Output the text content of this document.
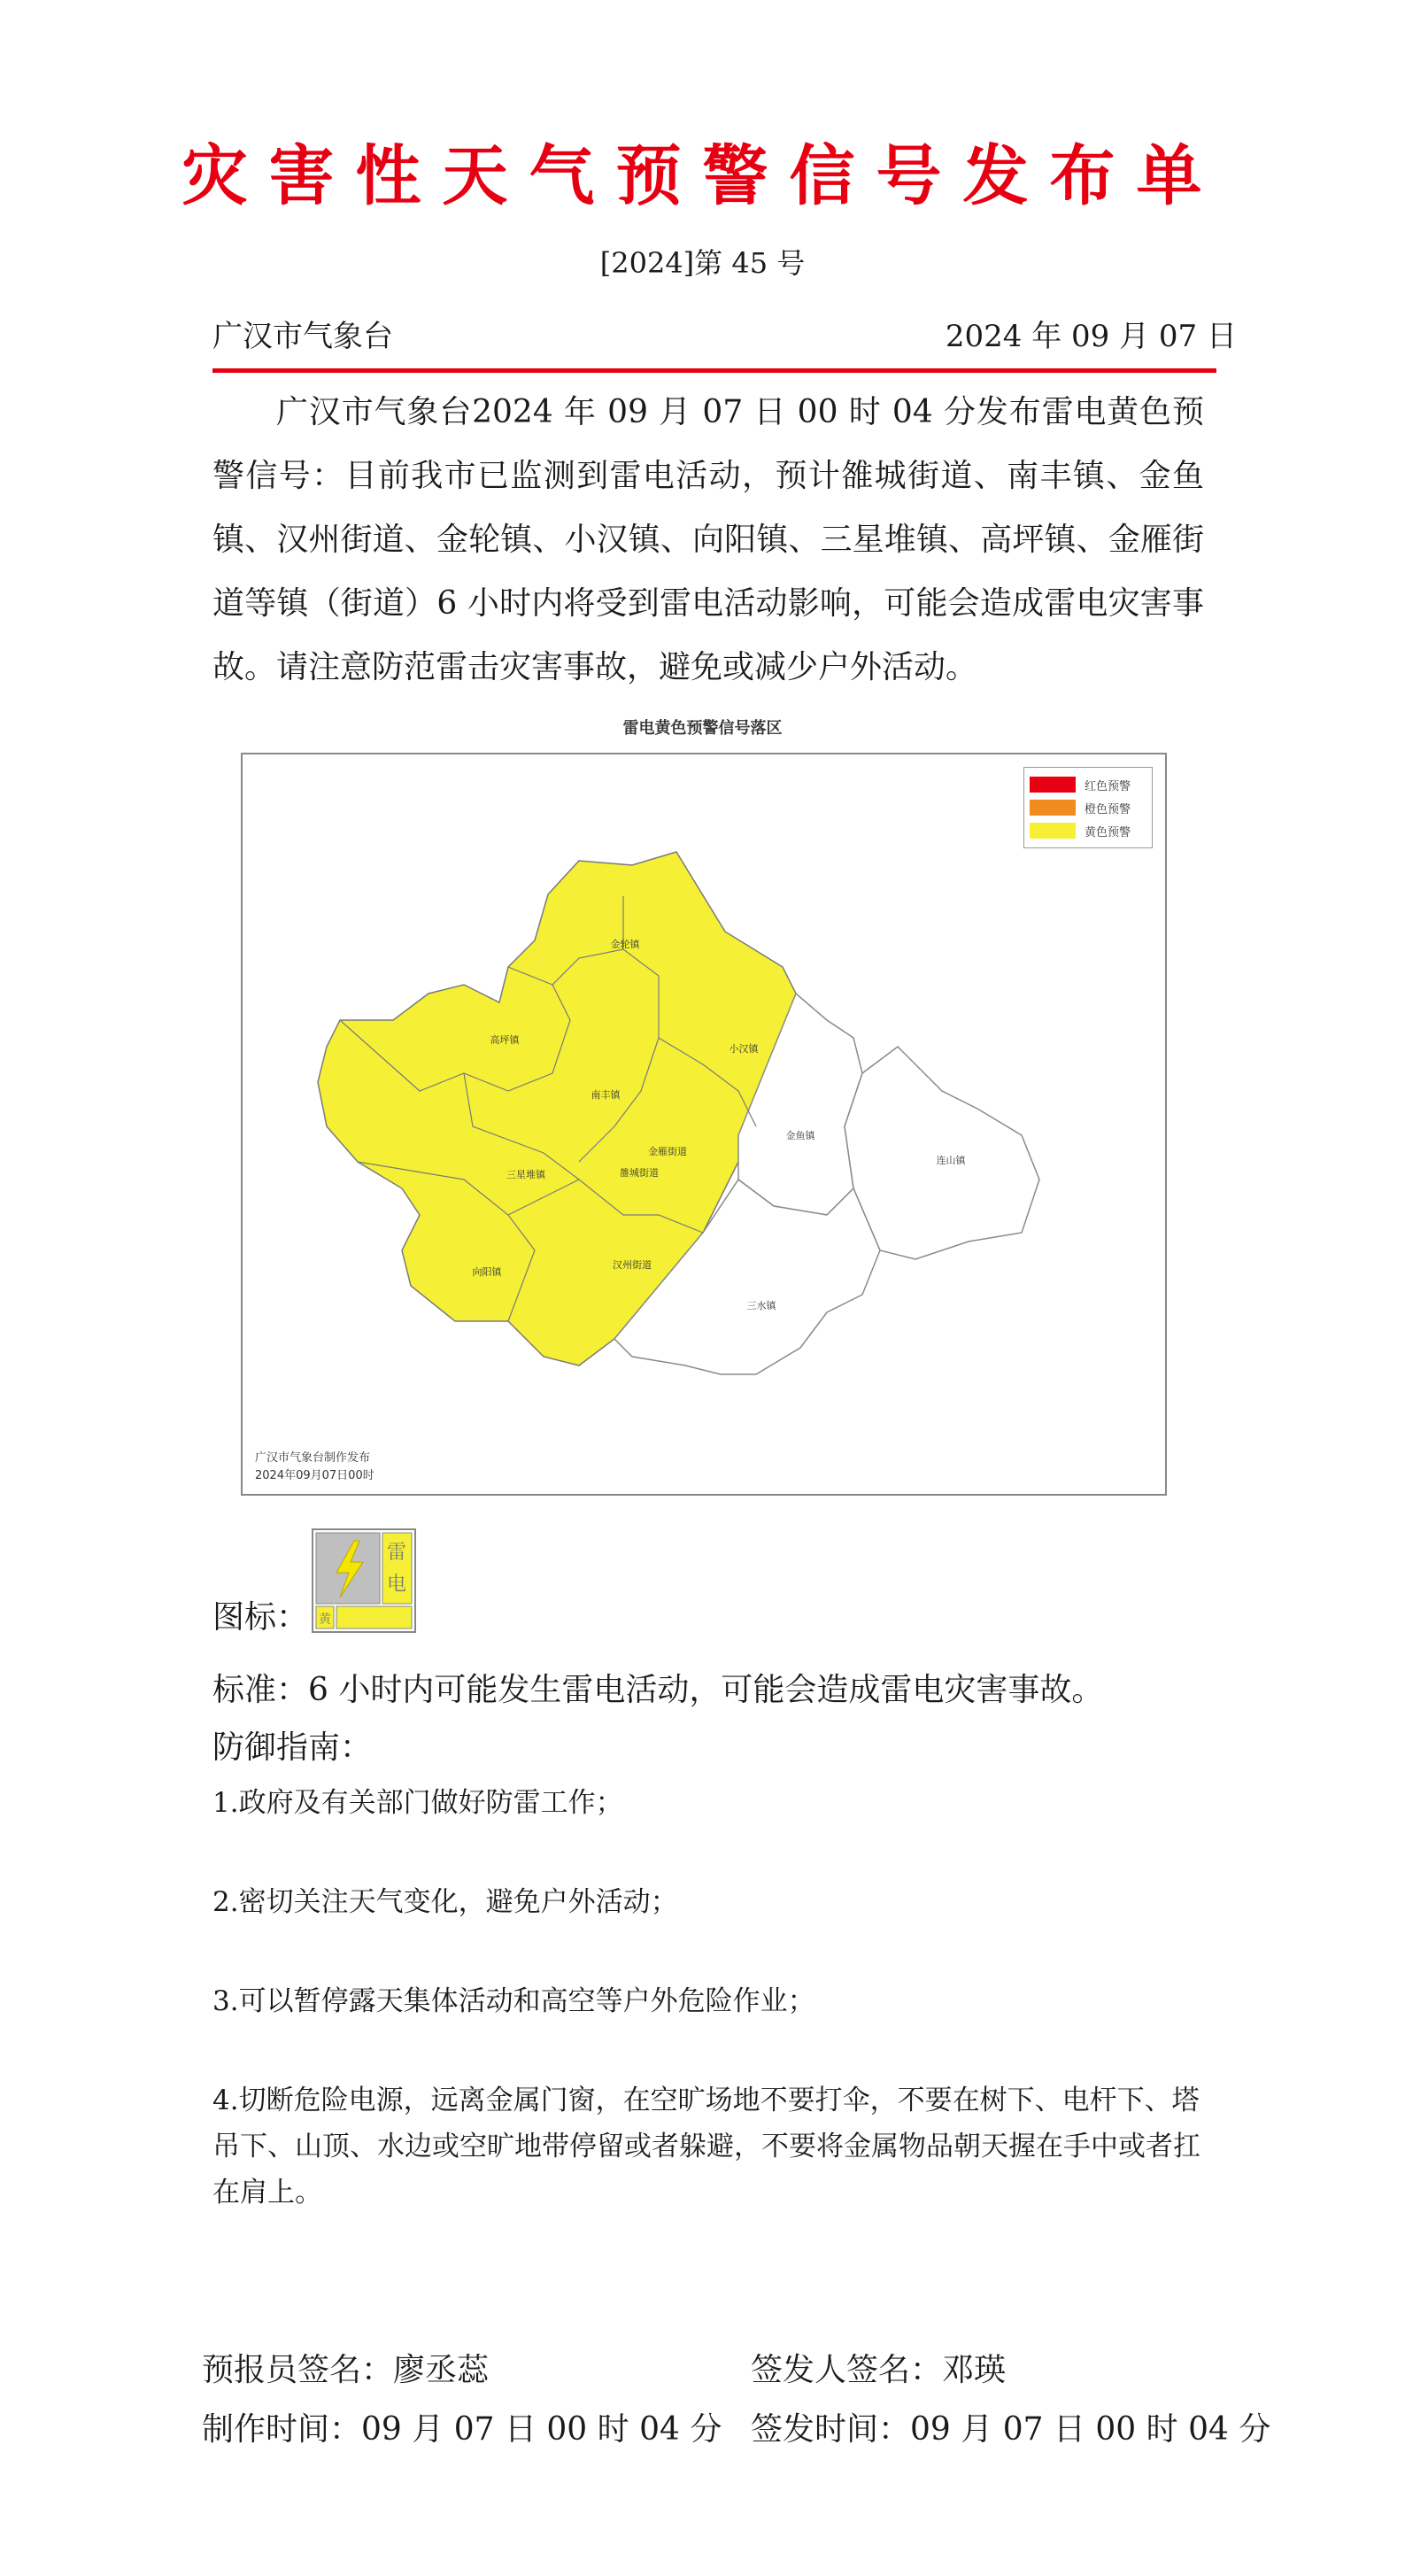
灾害性天气预警信号发布单
[2024]第 45 号
广汉市气象台	2024 年 09 月 07 日
广汉市气象台2024 年 09 月 07 日 00 时 04 分发布雷电黄色预警信号：目前我市已监测到雷电活动，预计雒城街道、南丰镇、金鱼镇、汉州街道、金轮镇、小汉镇、向阳镇、三星堆镇、高坪镇、金雁街道等镇（街道）6 小时内将受到雷电活动影响，可能会造成雷电灾害事故。请注意防范雷击灾害事故，避免或减少户外活动。
雷电黄色预警信号落区
金轮镇
高坪镇
小汉镇
南丰镇
金雁街道
三星堆镇	雒城街道
金鱼镇
连山镇
汉州街道
向阳镇
三水镇
红色预警
橙色预警
黄色预警
广汉市气象台制作发布
2024年09月07日00时
图标：
雷
电
黄
标准：6 小时内可能发生雷电活动，可能会造成雷电灾害事故。
防御指南：
1.政府及有关部门做好防雷工作；
2.密切关注天气变化，避免户外活动；
3.可以暂停露天集体活动和高空等户外危险作业；
4.切断危险电源，远离金属门窗，在空旷场地不要打伞，不要在树下、电杆下、塔吊下、山顶、水边或空旷地带停留或者躲避，不要将金属物品朝天握在手中或者扛在肩上。
预报员签名：廖丞蕊	签发人签名：邓瑛
制作时间：09 月 07 日 00 时 04 分 签发时间：09 月 07 日 00 时 04 分
